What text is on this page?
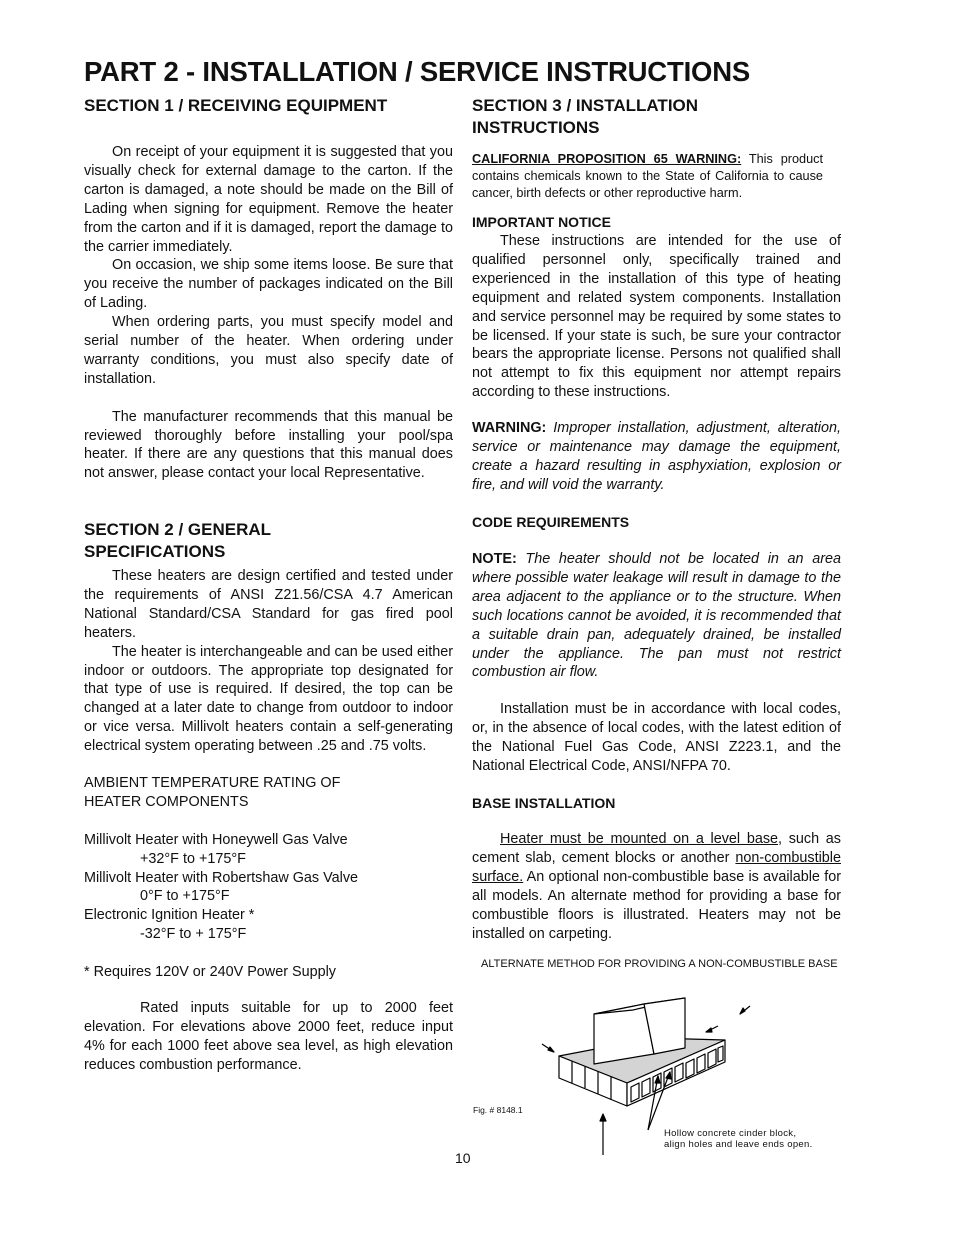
PART 2 - INSTALLATION / SERVICE INSTRUCTIONS
SECTION 1 / RECEIVING EQUIPMENT

On receipt of your equipment it is suggested that you visually check for external damage to the carton. If the carton is damaged, a note should be made on the Bill of Lading when signing for equipment. Remove the heater from the carton and if it is damaged, report the damage to the carrier immediately.

On occasion, we ship some items loose. Be sure that you receive the number of packages indicated on the Bill of Lading.

When ordering parts, you must specify model and serial number of the heater. When ordering under warranty conditions, you must also specify date of installation.

The manufacturer recommends that this manual be reviewed thoroughly before installing your pool/spa heater. If there are any questions that this manual does not answer, please contact your local Representative.

SECTION 2 / GENERAL
SPECIFICATIONS

These heaters are design certified and tested under the requirements of ANSI Z21.56/CSA 4.7 American National Standard/CSA Standard for gas fired pool heaters.

The heater is interchangeable and can be used either indoor or outdoors. The appropriate top designated for that type of use is required. If desired, the top can be changed at a later date to change from outdoor to indoor or vice versa. Millivolt heaters contain a self-generating electrical system operating between .25 and .75 volts.

AMBIENT TEMPERATURE RATING OF
HEATER COMPONENTS
Millivolt Heater with Honeywell Gas Valve
+32°F to +175°F
Millivolt Heater with Robertshaw Gas Valve
0°F to +175°F
Electronic Ignition Heater *
-32°F to + 175°F
* Requires 120V or 240V Power Supply

Rated inputs suitable for up to 2000 feet elevation. For elevations above 2000 feet, reduce input 4% for each 1000 feet above sea level, as high elevation reduces combustion performance.

SECTION 3 / INSTALLATION
INSTRUCTIONS
CALIFORNIA PROPOSITION 65 WARNING: This product contains chemicals known to the State of California to cause cancer, birth defects or other reproductive harm.
IMPORTANT NOTICE

These instructions are intended for the use of qualified personnel only, specifically trained and experienced in the installation of this type of heating equipment and related system components. Installation and service personnel may be required by some states to be licensed. If your state is such, be sure your contractor bears the appropriate license. Persons not qualified shall not attempt to fix this equipment nor attempt repairs according to these instructions.

WARNING: Improper installation, adjustment, alteration, service or maintenance may damage the equipment, create a hazard resulting in asphyxiation, explosion or fire, and will void the warranty.
CODE REQUIREMENTS
NOTE: The heater should not be located in an area where possible water leakage will result in damage to the area adjacent to the appliance or to the structure. When such locations cannot be avoided, it is recommended that a suitable drain pan, adequately drained, be installed under the appliance. The pan must not restrict combustion air flow.

Installation must be in accordance with local codes, or, in the absence of local codes, with the latest edition of the National Fuel Gas Code, ANSI Z223.1, and the National Electrical Code, ANSI/NFPA 70.

BASE INSTALLATION

Heater must be mounted on a level base, such as cement slab, cement blocks or another non-combustible surface. An optional non-combustible base is available for all models. An alternate method for providing a base for combustible floors is illustrated. Heaters may not be installed on carpeting.

ALTERNATE METHOD FOR PROVIDING A NON-COMBUSTIBLE BASE
Fig. # 8148.1
Hollow concrete cinder block,
align holes and leave ends open.
10
